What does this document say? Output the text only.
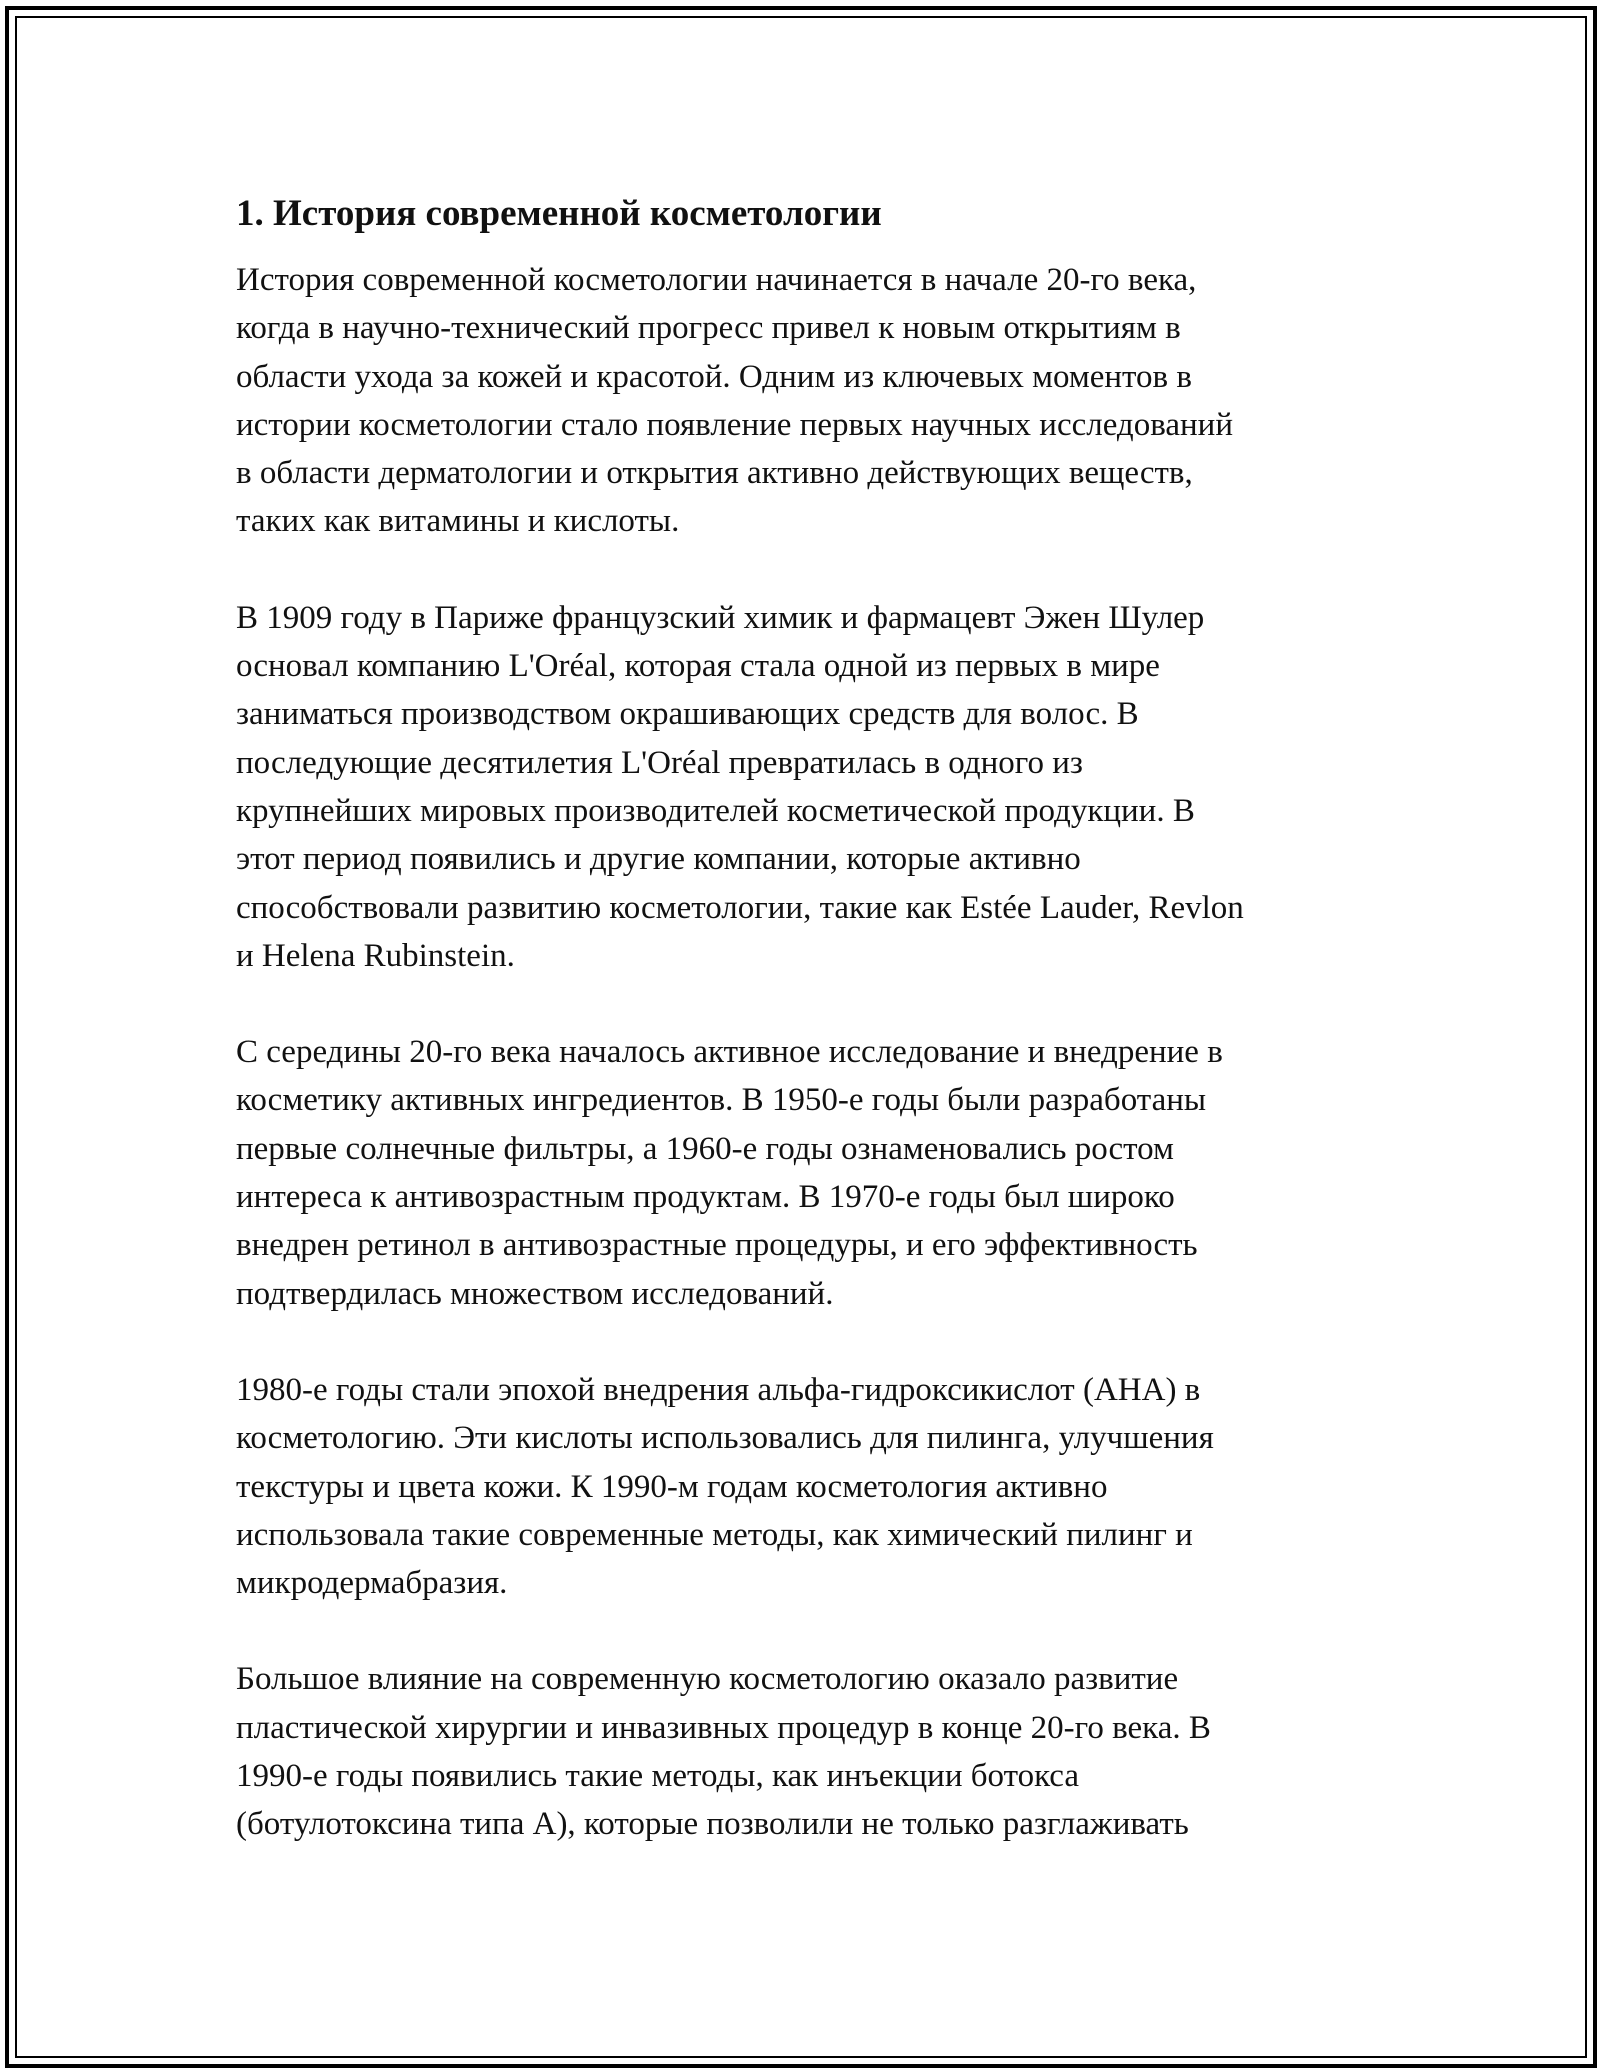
1. История современной косметологии
История современной косметологии начинается в начале 20-го века,
когда в научно-технический прогресс привел к новым открытиям в
области ухода за кожей и красотой. Одним из ключевых моментов в
истории косметологии стало появление первых научных исследований
в области дерматологии и открытия активно действующих веществ,
таких как витамины и кислоты.
В 1909 году в Париже французский химик и фармацевт Эжен Шулер
основал компанию L'Oréal, которая стала одной из первых в мире
заниматься производством окрашивающих средств для волос. В
последующие десятилетия L'Oréal превратилась в одного из
крупнейших мировых производителей косметической продукции. В
этот период появились и другие компании, которые активно
способствовали развитию косметологии, такие как Estée Lauder, Revlon
и Helena Rubinstein.
С середины 20-го века началось активное исследование и внедрение в
косметику активных ингредиентов. В 1950-е годы были разработаны
первые солнечные фильтры, а 1960-е годы ознаменовались ростом
интереса к антивозрастным продуктам. В 1970-е годы был широко
внедрен ретинол в антивозрастные процедуры, и его эффективность
подтвердилась множеством исследований.
1980-е годы стали эпохой внедрения альфа-гидроксикислот (AHA) в
косметологию. Эти кислоты использовались для пилинга, улучшения
текстуры и цвета кожи. К 1990-м годам косметология активно
использовала такие современные методы, как химический пилинг и
микродермабразия.
Большое влияние на современную косметологию оказало развитие
пластической хирургии и инвазивных процедур в конце 20-го века. В
1990-е годы появились такие методы, как инъекции ботокса
(ботулотоксина типа А), которые позволили не только разглаживать
